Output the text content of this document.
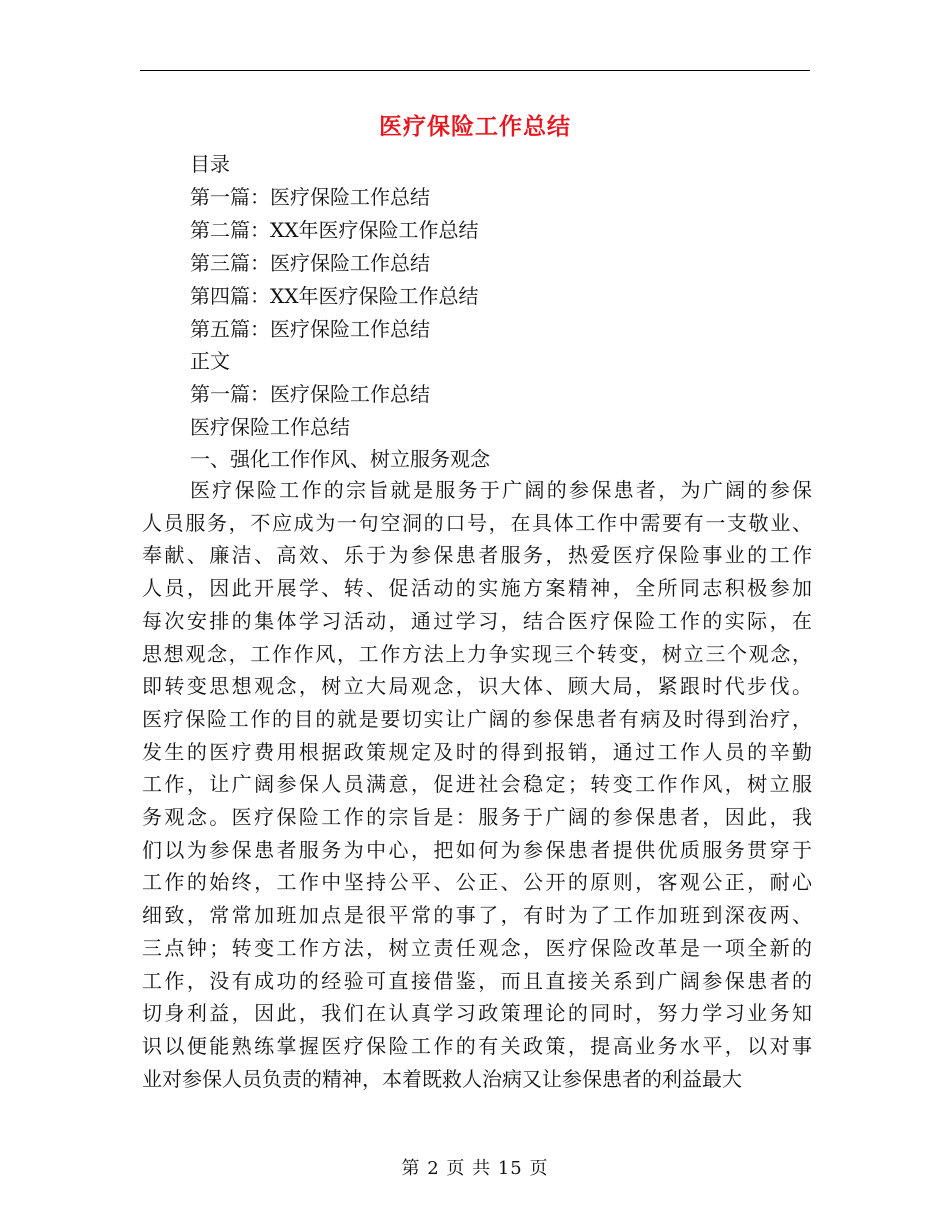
医疗保险工作总结
目录
第一篇：医疗保险工作总结
第二篇：XX年医疗保险工作总结
第三篇：医疗保险工作总结
第四篇：XX年医疗保险工作总结
第五篇：医疗保险工作总结
正文
第一篇：医疗保险工作总结
医疗保险工作总结
一、强化工作作风、树立服务观念
医疗保险工作的宗旨就是服务于广阔的参保患者，为广阔的参保
人员服务，不应成为一句空洞的口号，在具体工作中需要有一支敬业、
奉献、廉洁、高效、乐于为参保患者服务，热爱医疗保险事业的工作
人员，因此开展学、转、促活动的实施方案精神，全所同志积极参加
每次安排的集体学习活动，通过学习，结合医疗保险工作的实际，在
思想观念，工作作风，工作方法上力争实现三个转变，树立三个观念，
即转变思想观念，树立大局观念，识大体、顾大局，紧跟时代步伐。
医疗保险工作的目的就是要切实让广阔的参保患者有病及时得到治疗，
发生的医疗费用根据政策规定及时的得到报销，通过工作人员的辛勤
工作，让广阔参保人员满意，促进社会稳定；转变工作作风，树立服
务观念。医疗保险工作的宗旨是：服务于广阔的参保患者，因此，我
们以为参保患者服务为中心，把如何为参保患者提供优质服务贯穿于
工作的始终，工作中坚持公平、公正、公开的原则，客观公正，耐心
细致，常常加班加点是很平常的事了，有时为了工作加班到深夜两、
三点钟；转变工作方法，树立责任观念，医疗保险改革是一项全新的
工作，没有成功的经验可直接借鉴，而且直接关系到广阔参保患者的
切身利益，因此，我们在认真学习政策理论的同时，努力学习业务知
识以便能熟练掌握医疗保险工作的有关政策，提高业务水平，以对事
业对参保人员负责的精神，本着既救人治病又让参保患者的利益最大
第 2 页 共 15 页
